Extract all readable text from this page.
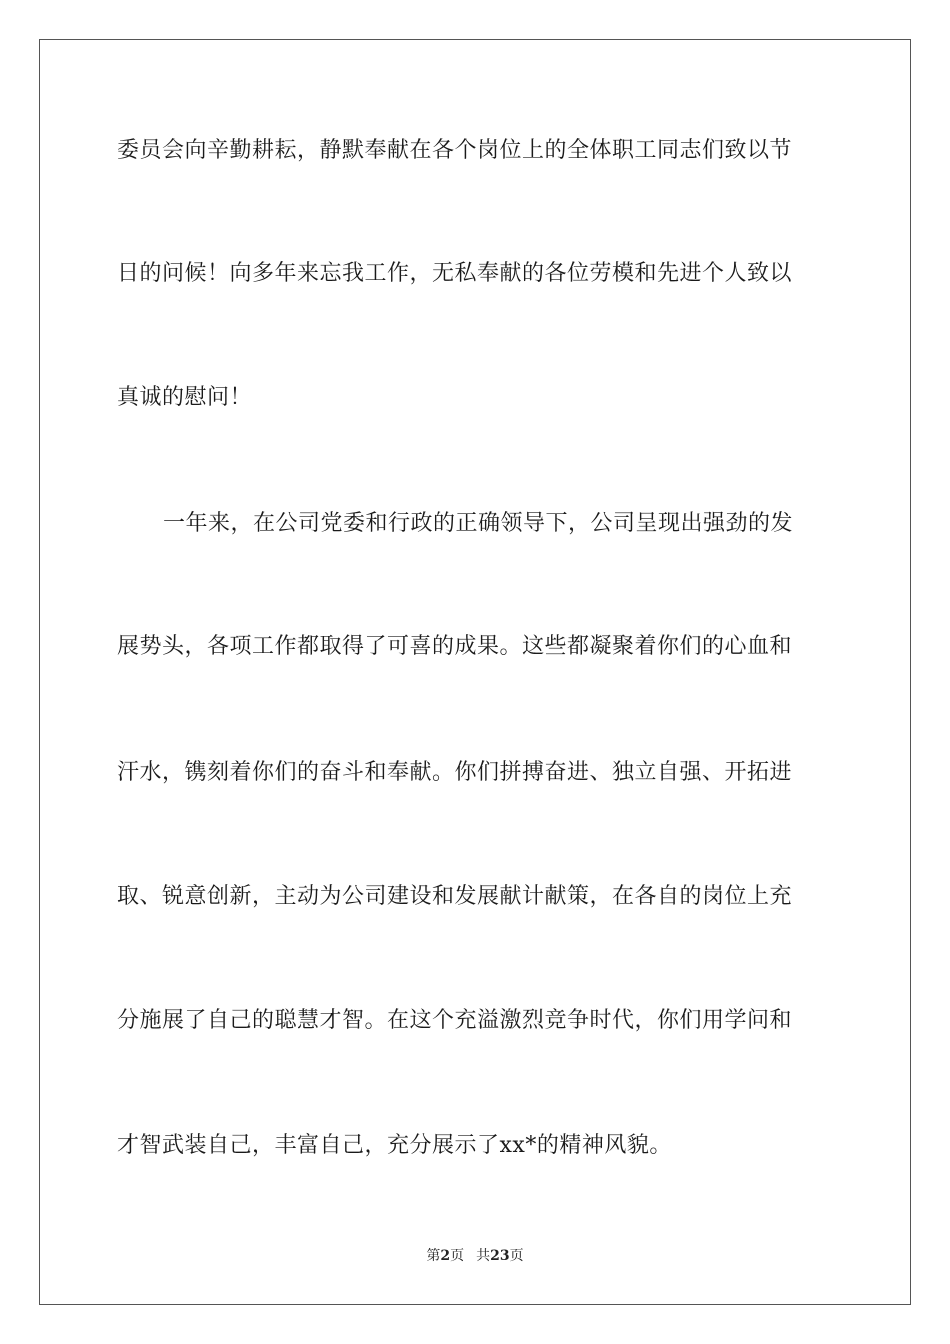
委员会向辛勤耕耘，静默奉献在各个岗位上的全体职工同志们致以节
日的问候！向多年来忘我工作，无私奉献的各位劳模和先进个人致以
真诚的慰问！
一年来，在公司党委和行政的正确领导下，公司呈现出强劲的发
展势头，各项工作都取得了可喜的成果。这些都凝聚着你们的心血和
汗水，镌刻着你们的奋斗和奉献。你们拼搏奋进、独立自强、开拓进
取、锐意创新，主动为公司建设和发展献计献策，在各自的岗位上充
分施展了自己的聪慧才智。在这个充溢激烈竞争时代，你们用学问和
才智武装自己，丰富自己，充分展示了xx*的精神风貌。
第2页 共23页
